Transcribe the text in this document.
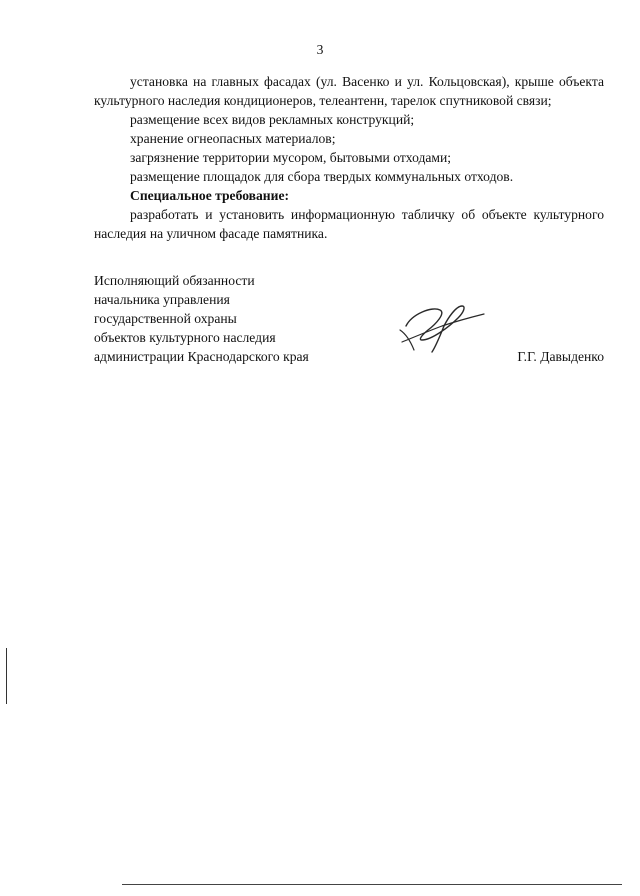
3

установка на главных фасадах (ул. Васенко и ул. Кольцовская), крыше объекта культурного наследия кондиционеров, телеантенн, тарелок спутниковой связи;

размещение всех видов рекламных конструкций;

хранение огнеопасных материалов;

загрязнение территории мусором, бытовыми отходами;

размещение площадок для сбора твердых коммунальных отходов.

Специальное требование:

разработать и установить информационную табличку об объекте культурного наследия на уличном фасаде памятника.

Исполняющий обязанности

начальника управления

государственной охраны

объектов культурного наследия

администрации Краснодарского края	Г.Г. Давыденко
